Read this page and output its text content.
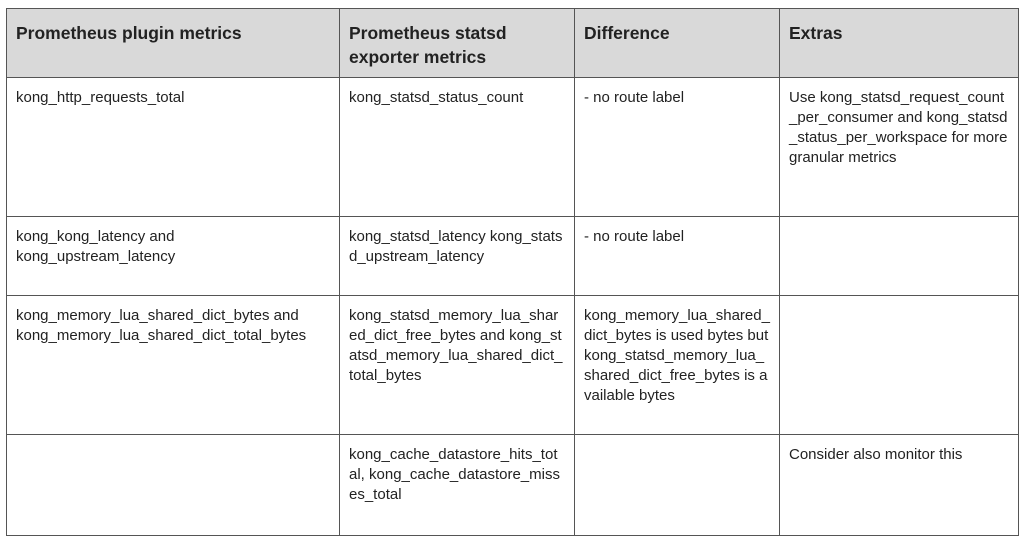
Prometheus plugin metrics	Prometheus statsd exporter metrics	Difference	Extras
kong_http_requests_total	kong_statsd_status_count	- no route label	Use kong_statsd_request_count_per_consumer and kong_statsd_status_per_workspace for more granular metrics
kong_kong_latency and kong_upstream_latency	kong_statsd_latency kong_statsd_upstream_latency	- no route label	
kong_memory_lua_shared_dict_bytes and kong_memory_lua_shared_dict_total_bytes	kong_statsd_memory_lua_shared_dict_free_bytes and kong_statsd_memory_lua_shared_dict_total_bytes	kong_memory_lua_shared_dict_bytes is used bytes but kong_statsd_memory_lua_shared_dict_free_bytes is available bytes	
	kong_cache_datastore_hits_total, kong_cache_datastore_misses_total		Consider also monitor this
